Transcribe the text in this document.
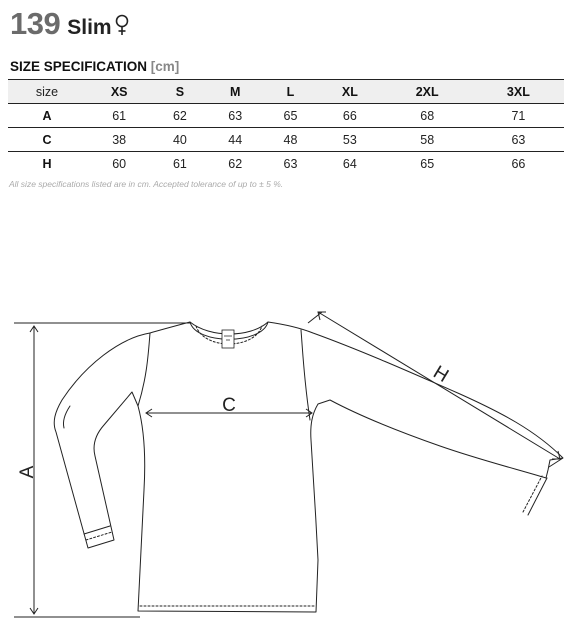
139 Slim
SIZE SPECIFICATION [cm]
size	XS	S	M	L	XL	2XL	3XL
A	61	62	63	65	66	68	71
C	38	40	44	48	53	58	63
H	60	61	62	63	64	65	66
All size specifications listed are in cm. Accepted tolerance of up to ± 5 %.
A
C
H
